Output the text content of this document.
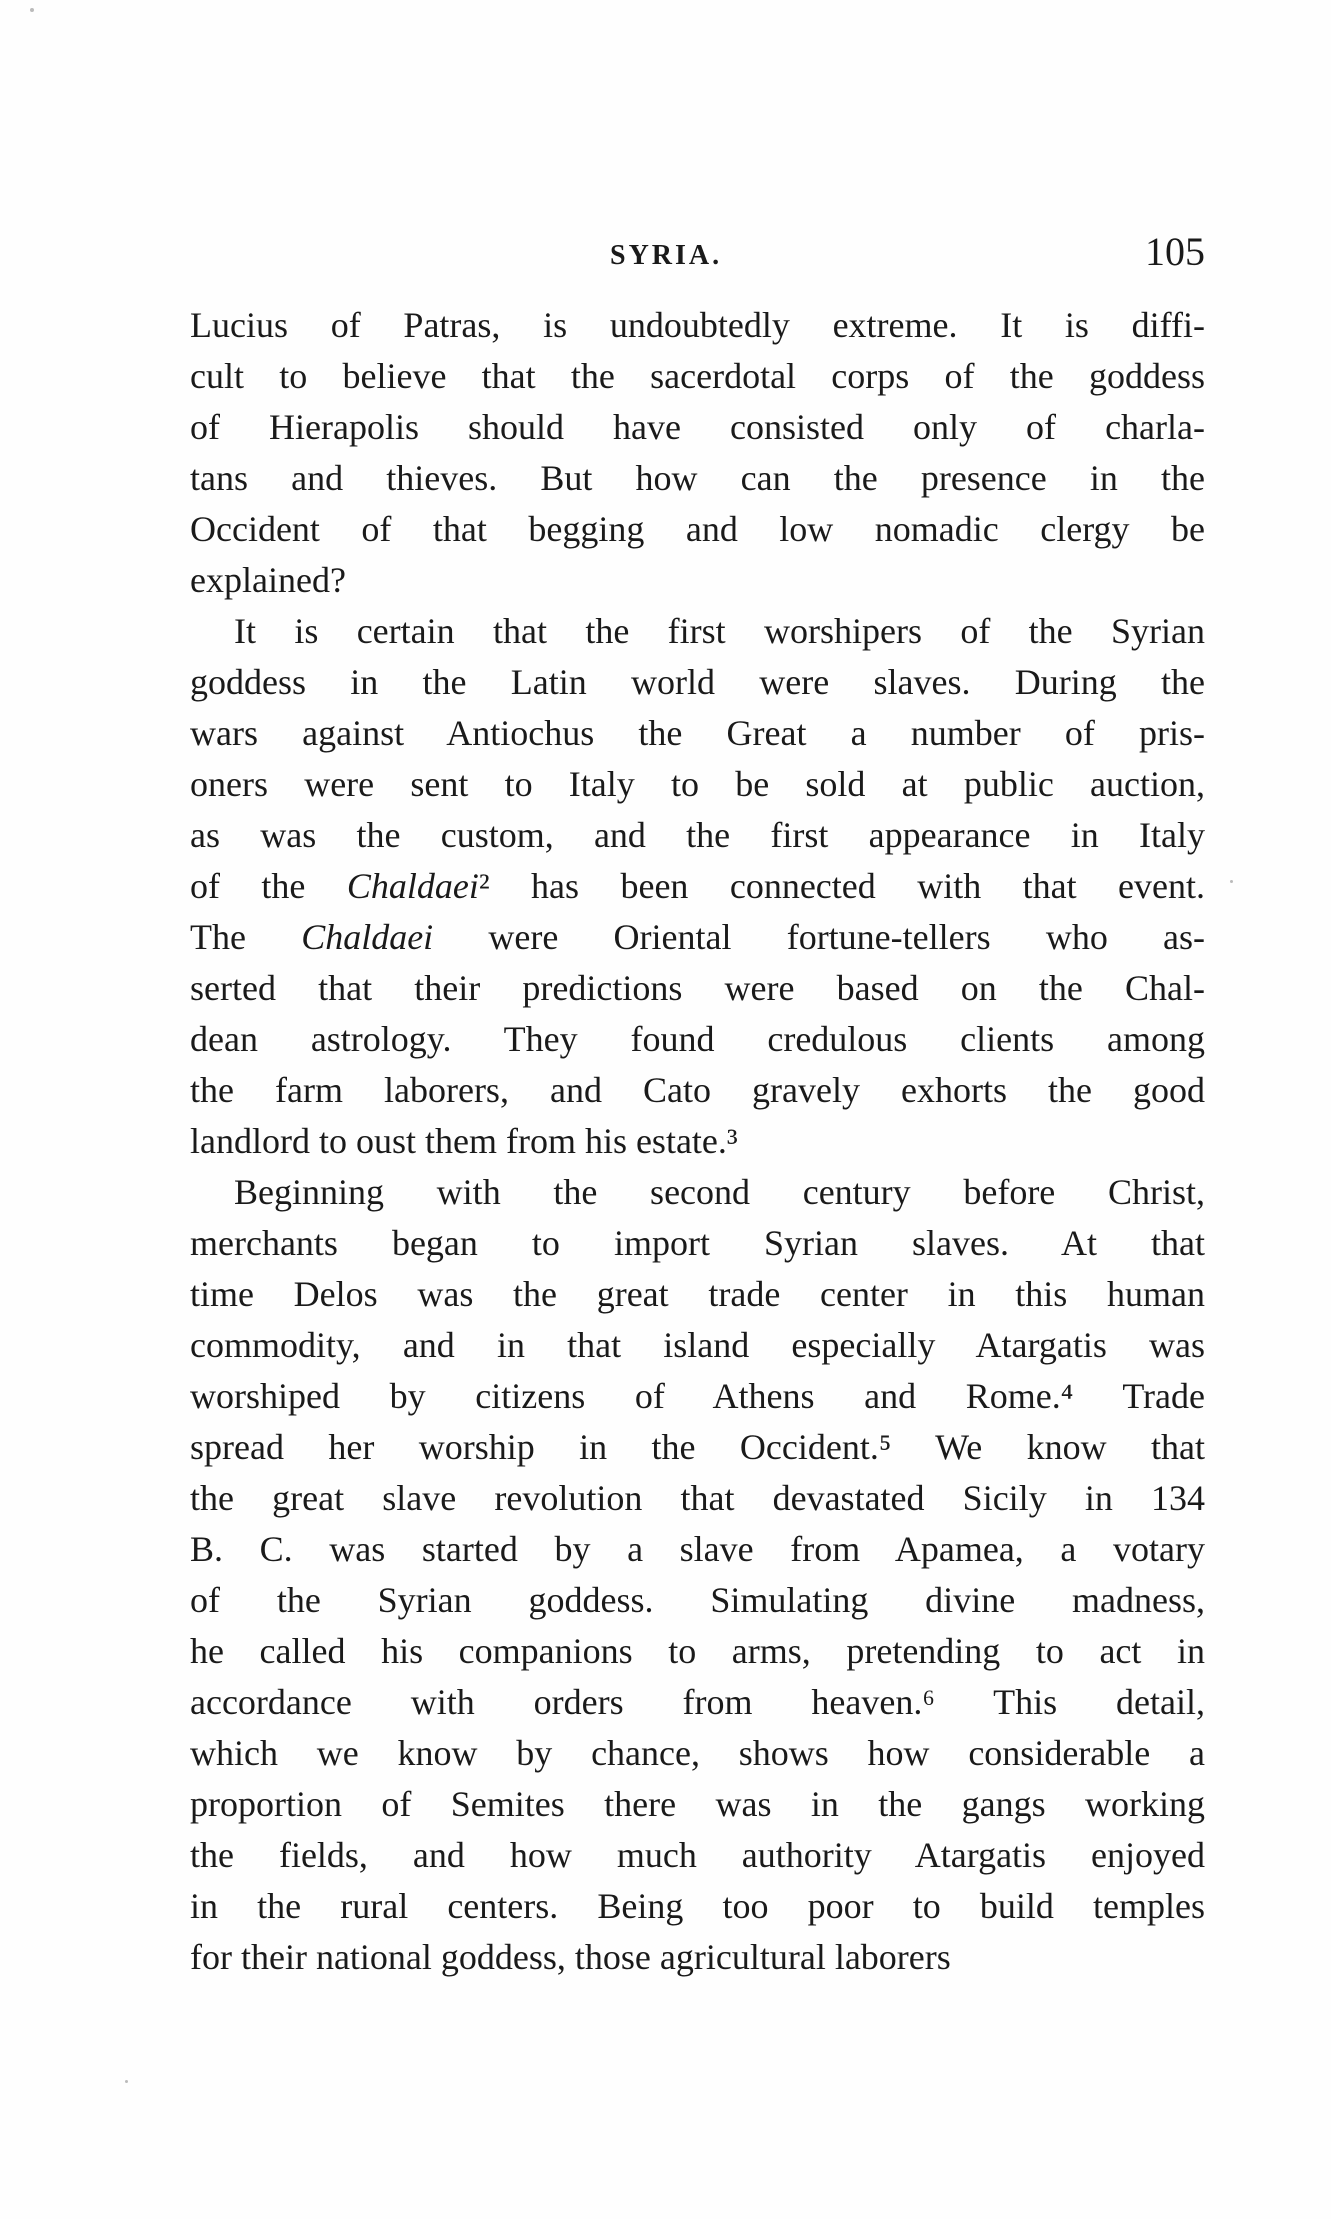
SYRIA.	105

Lucius of Patras, is undoubtedly extreme. It is diffi-
cult to believe that the sacerdotal corps of the goddess
of Hierapolis should have consisted only of charla-
tans and thieves. But how can the presence in the
Occident of that begging and low nomadic clergy be
explained?

It is certain that the first worshipers of the Syrian
goddess in the Latin world were slaves. During the
wars against Antiochus the Great a number of pris-
oners were sent to Italy to be sold at public auction,
as was the custom, and the first appearance in Italy
of the Chaldaei² has been connected with that event.
The Chaldaei were Oriental fortune-tellers who as-
serted that their predictions were based on the Chal-
dean astrology. They found credulous clients among
the farm laborers, and Cato gravely exhorts the good
landlord to oust them from his estate.³

Beginning with the second century before Christ,
merchants began to import Syrian slaves. At that
time Delos was the great trade center in this human
commodity, and in that island especially Atargatis was
worshiped by citizens of Athens and Rome.⁴ Trade
spread her worship in the Occident.⁵ We know that
the great slave revolution that devastated Sicily in 134
B. C. was started by a slave from Apamea, a votary
of the Syrian goddess. Simulating divine madness,
he called his companions to arms, pretending to act in
accordance with orders from heaven.⁶ This detail,
which we know by chance, shows how considerable a
proportion of Semites there was in the gangs working
the fields, and how much authority Atargatis enjoyed
in the rural centers. Being too poor to build temples
for their national goddess, those agricultural laborers
